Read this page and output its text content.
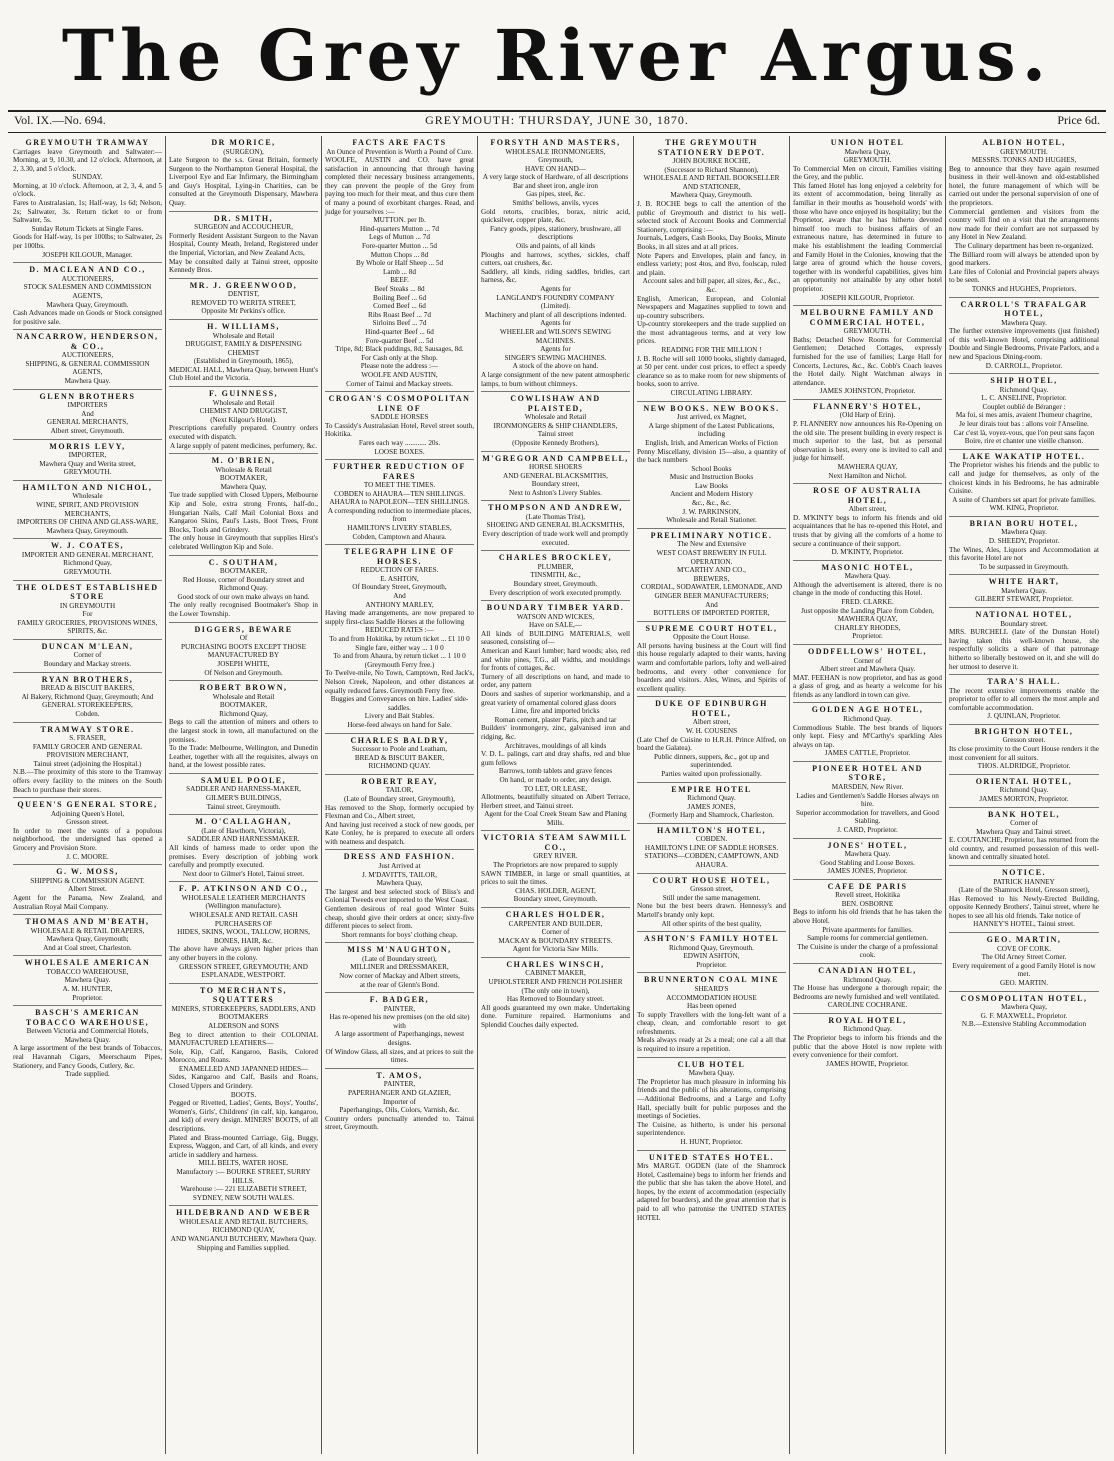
The Grey River Argus.
Vol. IX.—No. 694.	GREYMOUTH: THURSDAY, JUNE 30, 1870.	Price 6d.
GREYMOUTH TRAMWAY
Carriages leave Greymouth and Saltwater:— Morning, at 9, 10.30, and 12 o'clock. Afternoon, at 2, 3.30, and 5 o'clock.
SUNDAY.
Morning, at 10 o'clock. Afternoon, at 2, 3, 4, and 5 o'clock.
Fares to Australasian, 1s; Half-way, 1s 6d; Nelson, 2s; Saltwater, 3s. Return ticket to or from Saltwater, 5s.
Sunday Return Tickets at Single Fares.
Goods for Half-way, 1s per 100lbs; to Saltwater, 2s per 100lbs.
JOSEPH KILGOUR, Manager.
D. MACLEAN AND CO.,
AUCTIONEERS,
STOCK SALESMEN AND COMMISSION AGENTS,
Mawhera Quay, Greymouth.
Cash Advances made on Goods or Stock consigned for positive sale.
NANCARROW, HENDERSON, & CO.,
AUCTIONEERS,
SHIPPING, & GENERAL COMMISSION AGENTS,
Mawhera Quay.
GLENN BROTHERS
IMPORTERS
And
GENERAL MERCHANTS,
Albert street, Greymouth.
MORRIS LEVY,
IMPORTER,
Mawhera Quay and Werita street,
GREYMOUTH.
HAMILTON AND NICHOL,
Wholesale
WINE, SPIRIT, AND PROVISION MERCHANTS,
IMPORTERS OF CHINA AND GLASS-WARE,
Mawhera Quay, Greymouth.
W. J. COATES,
IMPORTER AND GENERAL MERCHANT,
Richmond Quay,
GREYMOUTH.
THE OLDEST ESTABLISHED STORE
IN GREYMOUTH
For
FAMILY GROCERIES, PROVISIONS WINES, SPIRITS, &c.
DUNCAN M'LEAN,
Corner of
Boundary and Mackay streets.
RYAN BROTHERS,
BREAD & BISCUIT BAKERS,
Al Bakery, Richmond Quay, Greymouth; And
GENERAL STOREKEEPERS,
Cobden.
TRAMWAY STORE.
S. FRASER,
FAMILY GROCER AND GENERAL PROVISION MERCHANT,
Tainui street (adjoining the Hospital.)
N.B.—The proximity of this store to the Tramway offers every facility to the miners on the South Beach to purchase their stores.
QUEEN'S GENERAL STORE,
Adjoining Queen's Hotel,
Gresson street.
In order to meet the wants of a populous neighborhood, the undersigned has opened a Grocery and Provision Store.
J. C. MOORE.
G. W. MOSS,
SHIPPING & COMMISSION AGENT.
Albert Street.
Agent for the Panama, New Zealand, and Australian Royal Mail Company.
THOMAS AND M'BEATH,
WHOLESALE & RETAIL DRAPERS,
Mawhera Quay, Greymouth;
And at Coal street, Charleston.
WHOLESALE AMERICAN
TOBACCO WAREHOUSE,
Mawhera Quay.
A. M. HUNTER,
Proprietor.
BASCH'S AMERICAN TOBACCO WAREHOUSE,
Between Victoria and Commercial Hotels, Mawhera Quay.
A large assortment of the best brands of Tobaccos, real Havannah Cigars, Meerschaum Pipes, Stationery, and Fancy Goods, Cutlery, &c.
Trade supplied.
DR MORICE,
(SURGEON),
Late Surgeon to the s.s. Great Britain, formerly Surgeon to the Northampton General Hospital, the Liverpool Eye and Ear Infirmary, the Birmingham and Guy's Hospital, Lying-in Charities, can be consulted at the Greymouth Dispensary, Mawhera Quay.
DR. SMITH,
SURGEON and ACCOUCHEUR,
Formerly Resident Assistant Surgeon to the Navan Hospital, County Meath, Ireland, Registered under the Imperial, Victorian, and New Zealand Acts,
May be consulted daily at Tainui street, opposite Kennedy Bros.
MR. J. GREENWOOD,
DENTIST,
REMOVED TO WERITA STREET,
Opposite Mr Perkins's office.
H. WILLIAMS,
Wholesale and Retail
DRUGGIST, FAMILY & DISPENSING CHEMIST
(Established in Greymouth, 1865),
MEDICAL HALL, Mawhera Quay, between Hunt's Club Hotel and the Victoria.
F. GUINNESS,
Wholesale and Retail
CHEMIST AND DRUGGIST,
(Next Kilgour's Hotel).
Prescriptions carefully prepared. Country orders executed with dispatch.
A large supply of patent medicines, perfumery, &c.
M. O'BRIEN,
Wholesale & Retail
BOOTMAKER,
Mawhera Quay,
Tue trade supplied with Closed Uppers, Melbourne Kip and Sole, extra strong Fronts, half-do., Hungarian Nails, Calf Mail Colonial Boxs and Kangaroo Skins, Paul's Lasts, Boot Trees, Front Blocks, Tools and Grindery.
The only house in Greymouth that supplies Hirst's celebrated Wellington Kip and Sole.
C. SOUTHAM,
BOOTMAKER,
Red House, corner of Boundary street and Richmond Quay.
Good stock of our own make always on hand.
The only really recognised Bootmaker's Shop in the Lower Township.
DIGGERS, BEWARE
Of
PURCHASING BOOTS EXCEPT THOSE MANUFACTURED BY
JOSEPH WHITE,
Of Nelson and Greymouth.
ROBERT BROWN,
Wholesale and Retail
BOOTMAKER,
Richmond Quay,
Begs to call the attention of miners and others to the largest stock in town, all manufactured on the premises.
To the Trade: Melbourne, Wellington, and Dunedin Leather, together with all the requisites, always on hand, at the lowest possible rates.
SAMUEL POOLE,
SADDLER AND HARNESS-MAKER,
GILMER'S BUILDINGS,
Tainui street, Greymouth.
M. O'CALLAGHAN,
(Late of Hawthorn, Victoria),
SADDLER AND HARNESSMAKER.
All kinds of harness made to order upon the premises. Every description of jobbing work carefully and promptly executed.
Next door to Gilmer's Hotel, Tainui street.
F. P. ATKINSON AND CO.,
WHOLESALE LEATHER MERCHANTS (Wellington manufacture).
WHOLESALE AND RETAIL CASH PURCHASERS OF
HIDES, SKINS, WOOL, TALLOW, HORNS, BONES, HAIR, &c.
The above have always given higher prices than any other buyers in the colony.
GRESSON STREET, GREYMOUTH; AND ESPLANADE, WESTPORT.
TO MERCHANTS, SQUATTERS
MINERS, STOREKEEPERS, SADDLERS, AND BOOTMAKERS
ALDERSON and SONS
Beg to direct attention to their COLONIAL MANUFACTURED LEATHERS—
Sole, Kip, Calf, Kangaroo, Basils, Colored Morocco, and Roans.
ENAMELLED AND JAPANNED HIDES—
Sides, Kangaroo and Calf, Basils and Roans, Closed Uppers and Grindery.
BOOTS.
Pegged or Rivetted, Ladies', Gents, Boys', Youths', Women's, Girls', Childrens' (in calf, kip, kangaroo, and kid) of every design. MINERS' BOOTS, of all descriptions.
Plated and Brass-mounted Carriage, Gig, Buggy, Express, Waggon, and Cart, of all kinds, and every article in saddlery and harness.
MILL BELTS, WATER HOSE.
Manufactory :— BOURKE STREET, SURRY HILLS.
Warehouse :— 221 ELIZABETH STREET, SYDNEY, NEW SOUTH WALES.
HILDEBRAND AND WEBER
WHOLESALE AND RETAIL BUTCHERS,
RICHMOND QUAY,
AND WANGANUI BUTCHERY, Mawhera Quay.
Shipping and Families supplied.
FACTS ARE FACTS
An Ounce of Prevention is Worth a Pound of Cure.
WOOLFE, AUSTIN and CO. have great satisfaction in announcing that through having completed their necessary business arrangements, they can prevent the people of the Grey from paying too much for their meat, and thus cure them of many a pound of exorbitant charges. Read, and judge for yourselves :—
MUTTON. per lb.
Hind-quarters Mutton ... 7d
Legs of Mutton ... 7d
Fore-quarter Mutton ... 5d
Mutton Chops ... 8d
By Whole or Half Sheep ... 5d
Lamb ... 8d
BEEF.
Beef Steaks ... 8d
Boiling Beef ... 6d
Corned Beef ... 6d
Ribs Roast Beef ... 7d
Sirloins Beef ... 7d
Hind-quarter Beef ... 6d
Fore-quarter Beef ... 5d
Tripe, 8d; Black puddings, 8d; Sausages, 8d.
For Cash only at the Shop.
Please note the address :—
WOOLFE AND AUSTIN,
Corner of Tainui and Mackay streets.
CROGAN'S COSMOPOLITAN LINE OF
SADDLE HORSES
To Cassidy's Australasian Hotel, Revel street south, Hokitika.
Fares each way ............ 20s.
LOOSE BOXES.
FURTHER REDUCTION OF FARES
TO MEET THE TIMES.
COBDEN to AHAURA—TEN SHILLINGS.
AHAURA to NAPOLEON—TEN SHILLINGS.
A corresponding reduction to intermediate places, from
HAMILTON'S LIVERY STABLES,
Cobden, Camptown and Ahaura.
TELEGRAPH LINE OF HORSES.
REDUCTION OF FARES.
E. ASHTON,
Of Boundary Street, Greymouth,
And
ANTHONY MARLEY,
Having made arrangements, are now prepared to supply first-class Saddle Horses at the following
REDUCED RATES :—
To and from Hokitika, by return ticket ... £1 10 0
Single fare, either way ... 1 0 0
To and from Ahaura, by return ticket ... 1 10 0
(Greymouth Ferry free.)
To Twelve-mile, No Town, Camptown, Red Jack's, Nelson Creek, Napoleon, and other distances at equally reduced fares. Greymouth Ferry free.
Buggies and Conveyances on hire. Ladies' side-saddles.
Livery and Bait Stables.
Horse-feed always on hand for Sale.
CHARLES BALDRY,
Successor to Poole and Leatham,
BREAD & BISCUIT BAKER,
RICHMOND QUAY.
ROBERT REAY,
TAILOR,
(Late of Boundary street, Greymouth),
Has removed to the Shop, formerly occupied by Flexman and Co., Albert street,
And having just received a stock of new goods, per Kate Conley, he is prepared to execute all orders with neatness and despatch.
DRESS AND FASHION.
Just Arrived at
J. M'DAVITTS, TAILOR,
Mawhera Quay,
The largest and best selected stock of Bliss's and Colonial Tweeds ever imported to the West Coast.
Gentlemen desirous of real good Winter Suits cheap, should give their orders at once; sixty-five different pieces to select from.
Short remnants for boys' clothing cheap.
MISS M'NAUGHTON,
(Late of Boundary street),
MILLINER and DRESSMAKER,
Now corner of Mackay and Albert streets,
at the rear of Glenn's Bond.
F. BADGER,
PAINTER,
Has re-opened his new premises (on the old site) with
A large assortment of Paperhangings, newest designs.
Of Window Glass, all sizes, and at prices to suit the times.
T. AMOS,
PAINTER,
PAPERHANGER AND GLAZIER,
Importer of
Paperhangings, Oils, Colors, Varnish, &c.
Country orders punctually attended to. Tainui street, Greymouth.
FORSYTH AND MASTERS,
WHOLESALE IRONMONGERS,
Greymouth,
HAVE ON HAND—
A very large stock of Hardware, of all descriptions
Bar and sheet iron, angle iron
Gas pipes, steel, &c.
Smiths' bellows, anvils, vyces
Gold retorts, crucibles, borax, nitric acid, quicksilver, copper plate, &c.
Fancy goods, pipes, stationery, brushware, all descriptions
Oils and paints, of all kinds
Ploughs and harrows, scythes, sickles, chaff cutters, oat crushers, &c.
Saddlery, all kinds, riding saddles, bridles, cart harness, &c.
Agents for
LANGLAND'S FOUNDRY COMPANY (Limited).
Machinery and plant of all descriptions indented.
Agents for
WHEELER and WILSON'S SEWING MACHINES.
Agents for
SINGER'S SEWING MACHINES.
A stock of the above on hand.
A large consignment of the new patent atmospheric lamps, to burn without chimneys.
COWLISHAW AND PLAISTED,
Wholesale and Retail
IRONMONGERS & SHIP CHANDLERS,
Tainui street
(Opposite Kennedy Brothers),
M'GREGOR AND CAMPBELL,
HORSE SHOERS
AND GENERAL BLACKSMITHS,
Boundary street,
Next to Ashton's Livery Stables.
THOMPSON AND ANDREW,
(Late Thomas Trist),
SHOEING AND GENERAL BLACKSMITHS,
Every description of trade work well and promptly executed.
CHARLES BROCKLEY,
PLUMBER,
TINSMITH, &c.,
Boundary street, Greymouth.
Every description of work executed promptly.
BOUNDARY TIMBER YARD.
WATSON AND WICKES,
Have on SALE,—
All kinds of BUILDING MATERIALS, well seasoned, consisting of—
American and Kauri lumber; hard woods; also, red and white pines, T.G., all widths, and mouldings for fronts of cottages, &c.
Turnery of all descriptions on hand, and made to order, any pattern
Doors and sashes of superior workmanship, and a great variety of ornamental colored glass doors
Lime, fire and imported bricks
Roman cement, plaster Paris, pitch and tar
Builders' ironmongery, zinc, galvanised iron and ridging, &c.
Architraves, mouldings of all kinds
V. D. L. palings, cart and dray shafts, red and blue gum fellows
Barrows, tomb tablets and grave fences
On hand, or made to order, any design.
TO LET, OR LEASE,
Allotments, beautifully situated on Albert Terrace, Herbert street, and Tainui street.
Agent for the Coal Creek Steam Saw and Planing Mills.
VICTORIA STEAM SAWMILL CO.,
GREY RIVER.
The Proprietors are now prepared to supply
SAWN TIMBER, in large or small quantities, at prices to suit the times.
CHAS. HOLDER, AGENT,
Boundary street, Greymouth.
CHARLES HOLDER,
CARPENTER AND BUILDER,
Corner of
MACKAY & BOUNDARY STREETS.
Agent for Victoria Saw Mills.
CHARLES WINSCH,
CABINET MAKER,
UPHOLSTERER AND FRENCH POLISHER
(The only one in town),
Has Removed to Boundary street.
All goods guaranteed my own make. Undertaking done. Furniture repaired. Harmoniums and Splendid Couches daily expected.
THE GREYMOUTH STATIONERY DEPOT.
JOHN BOURKE ROCHE,
(Successor to Richard Shannon),
WHOLESALE AND RETAIL BOOKSELLER AND STATIONER,
Mawhera Quay, Greymouth.
J. B. ROCHE begs to call the attention of the public of Greymouth and district to his well-selected stock of Account Books and Commercial Stationery, comprising :—
Journals, Ledgers, Cash Books, Day Books, Minute Books, in all sizes and at all prices.
Note Papers and Envelopes, plain and fancy, in endless variety; post 4tos, and 8vo, foolscap, ruled and plain.
Account sales and bill paper, all sizes, &c., &c., &c.
English, American, European, and Colonial Newspapers and Magazines supplied to town and up-country subscribers.
Up-country storekeepers and the trade supplied on the most advantageous terms, and at very low prices.
READING FOR THE MILLION !
J. B. Roche will sell 1000 books, slightly damaged, at 50 per cent. under cost prices, to effect a speedy clearance so as to make room for new shipments of books, soon to arrive.
CIRCULATING LIBRARY.
NEW BOOKS. NEW BOOKS.
Just arrived, ex Magnet,
A large shipment of the Latest Publications, including
English, Irish, and American Works of Fiction
Penny Miscellany, division 15—also, a quantity of the back numbers
School Books
Music and Instruction Books
Law Books
Ancient and Modern History
&c., &c., &c.
J. W. PARKINSON,
Wholesale and Retail Stationer.
PRELIMINARY NOTICE.
The New and Extensive
WEST COAST BREWERY IN FULL OPERATION.
M'CARTHY AND CO.,
BREWERS,
CORDIAL, SODAWATER, LEMONADE, AND GINGER BEER MANUFACTURERS;
And
BOTTLERS OF IMPORTED PORTER,
SUPREME COURT HOTEL,
Opposite the Court House.
All persons having business at the Court will find this house regularly adapted to their wants, having warm and comfortable parlors, lofty and well-aired bedrooms, and every other convenience for boarders and visitors. Ales, Wines, and Spirits of excellent quality.
DUKE OF EDINBURGH HOTEL,
Albert street,
W. H. COUSENS
(Late Chef de Cuisine to H.R.H. Prince Alfred, on board the Galatea).
Public dinners, suppers, &c., got up and superintended.
Parties waited upon professionally.
EMPIRE HOTEL
Richmond Quay.
JAMES JONES,
(Formerly Harp and Shamrock, Charleston.
HAMILTON'S HOTEL,
COBDEN.
HAMILTON'S LINE OF SADDLE HORSES.
STATIONS—COBDEN, CAMPTOWN, AND AHAURA.
COURT HOUSE HOTEL,
Gresson street,
Still under the same management.
None but the best beers drawn. Hennessy's and Martell's brandy only kept.
All other spirits of the best quality,
ASHTON'S FAMILY HOTEL
Richmond Quay, Greymouth.
EDWIN ASHTON,
Proprietor.
BRUNNERTON COAL MINE
SHEARD'S
ACCOMMODATION HOUSE
Has been opened
To supply Travellers with the long-felt want of a cheap, clean, and comfortable resort to get refreshments.
Meals always ready at 2s a meal; one cal a all that is required to insure a repetition.
CLUB HOTEL
Mawhera Quay.
The Proprietor has much pleasure in informing his friends and the public of his alterations, comprising—Additional Bedrooms, and a Large and Lofty Hall, specially built for public purposes and the meetings of Societies.
The Cuisine, as hitherto, is under his personal superintendence.
H. HUNT, Proprietor.
UNITED STATES HOTEL.
Mrs MARGT. OGDEN (late of the Shamrock Hotel, Castlemaine) begs to inform her friends and the public that she has taken the above Hotel, and hopes, by the extent of accommodation (especially adapted for boarders), and the great attention that is paid to all who patronise the UNITED STATES HOTEL
UNION HOTEL
Mawhera Quay,
GREYMOUTH.
To Commercial Men on circuit, Families visiting the Grey, and the public.
This famed Hotel has long enjoyed a celebrity for its extent of accommodation, being literally as familiar in their mouths as 'household words' with those who have once enjoyed its hospitality; but the Proprietor, aware that he has hitherto devoted himself too much to business affairs of an extraneous nature, has determined in future to make his establishment the leading Commercial and Family Hotel in the Colonies, knowing that the large area of ground which the house covers, together with its wonderful capabilities, gives him an opportunity not attainable by any other hotel proprietor.
JOSEPH KILGOUR, Proprietor.
MELBOURNE FAMILY AND COMMERCIAL HOTEL,
GREYMOUTH.
Baths; Detached Show Rooms for Commercial Gentlemen; Detached Cottages, expressly furnished for the use of families; Large Hall for Concerts, Lectures, &c., &c. Cobb's Coach leaves the Hotel daily. Night Watchman always in attendance.
JAMES JOHNSTON, Proprietor.
FLANNERY'S HOTEL,
(Old Harp of Erin).
P. FLANNERY now announces his Re-Opening on the old site. The present building in every respect is much superior to the last, but as personal observation is best, every one is invited to call and judge for himself.
MAWHERA QUAY,
Next Hamilton and Nichol.
ROSE OF AUSTRALIA HOTEL,
Albert street,
D. M'KINTY begs to inform his friends and old acquaintances that he has re-opened this Hotel, and trusts that by giving all the comforts of a home to secure a continuance of their support.
D. M'KINTY, Proprietor.
MASONIC HOTEL,
Mawhera Quay.
Although the advertisement is altered, there is no change in the mode of conducting this Hotel.
FRED. CLARKE.
Just opposite the Landing Place from Cobden,
MAWHERA QUAY,
CHARLEY RHODES,
Proprietor.
ODDFELLOWS' HOTEL,
Corner of
Albert street and Mawhera Quay.
MAT. FEEHAN is now proprietor, and has as good a glass of grog, and as hearty a welcome for his friends as any landlord in town can give.
GOLDEN AGE HOTEL,
Richmond Quay.
Commodious Stable. The best brands of liquors only kept. Fiesy and M'Carthy's sparkling Ales always on tap.
JAMES CATTLE, Proprietor.
PIONEER HOTEL AND STORE,
MARSDEN, New River.
Ladies and Gentlemen's Saddle Horses always on hire.
Superior accommodation for travellers, and Good Stabling.
J. CARD, Proprietor.
JONES' HOTEL,
Mawhera Quay.
Good Stabling and Loose Boxes.
JAMES JONES, Proprietor.
CAFE DE PARIS
Revell street, Hokitika
BEN. OSBORNE
Begs to inform his old friends that he has taken the above Hotel.
Private apartments for families.
Sample rooms for commercial gentlemen.
The Cuisine is under the charge of a professional cook.
CANADIAN HOTEL,
Richmond Quay.
The House has undergone a thorough repair; the Bedrooms are newly furnished and well ventilated.
CAROLINE COCHRANE.
ROYAL HOTEL,
Richmond Quay.
The Proprietor begs to inform his friends and the public that the above Hotel is now replete with every convenience for their comfort.
JAMES HOWIE, Proprietor.
ALBION HOTEL,
GREYMOUTH.
MESSRS. TONKS AND HUGHES,
Beg to announce that they have again resumed business in their well-known and old-established hotel, the future management of which will be carried out under the personal supervision of one of the proprietors.
Commercial gentlemen and visitors from the country will find on a visit that the arrangements now made for their comfort are not surpassed by any Hotel in New Zealand.
The Culinary department has been re-organized.
The Billiard room will always be attended upon by good markers.
Late files of Colonial and Provincial papers always to be seen.
TONKS and HUGHES, Proprietors.
CARROLL'S TRAFALGAR HOTEL,
Mawhera Quay.
The further extensive improvements (just finished) of this well-known Hotel, comprising additional Double and Single Bedrooms, Private Parlors, and a new and Spacious Dining-room.
D. CARROLL, Proprietor.
SHIP HOTEL,
Richmond Quay.
L. C. ANSELINE, Proprietor.
Couplet oublié de Béranger :
Ma foi, si mes amis, avaient l'humeur chagrine,
Je leur dirais tout bas : allons voir l'Anseline.
Car c'est là, voyez-vous, que l'on peut sans façon
Boire, rire et chanter une vieille chanson.
LAKE WAKATIP HOTEL.
The Proprietor wishes his friends and the public to call and judge for themselves, as only of the choicest kinds in his Bedrooms, he has admirable Cuisine.
A suite of Chambers set apart for private families.
WM. KING, Proprietor.
BRIAN BORU HOTEL,
Mawhera Quay.
D. SHEEDY, Proprietor.
The Wines, Ales, Liquors and Accommodation at this favorite Hotel are not
To be surpassed in Greymouth.
WHITE HART,
Mawhera Quay.
GILBERT STEWART, Proprietor.
NATIONAL HOTEL,
Boundary street.
MRS. BURCHELL (late of the Dunstan Hotel) having taken this well-known house, she respectfully solicits a share of that patronage hitherto so liberally bestowed on it, and she will do her utmost to deserve it.
TARA'S HALL.
The recent extensive improvements enable the proprietor to offer to all comers the most ample and comfortable accommodation.
J. QUINLAN, Proprietor.
BRIGHTON HOTEL,
Gresson street.
Its close proximity to the Court House renders it the most convenient for all suitors.
THOS. ALDRIDGE, Proprietor.
ORIENTAL HOTEL,
Richmond Quay.
JAMES MORTON, Proprietor.
BANK HOTEL,
Corner of
Mawhera Quay and Tainui street.
E. COUTANCHE, Proprietor, has returned from the old country, and resumed possession of this well-known and centrally situated hotel.
NOTICE.
PATRICK HANNEY
(Late of the Shamrock Hotel, Gresson street),
Has Removed to his Newly-Erected Building, opposite Kennedy Brothers', Tainui street, where he hopes to see all his old friends. Take notice of
HANNEY'S HOTEL, Tainui street.
GEO. MARTIN,
COVE OF CORK.
The Old Arney Street Corner.
Every requirement of a good Family Hotel is now met.
GEO. MARTIN.
COSMOPOLITAN HOTEL,
Mawhera Quay,
G. F. MAXWELL, Proprietor.
N.B.—Extensive Stabling Accommodation
